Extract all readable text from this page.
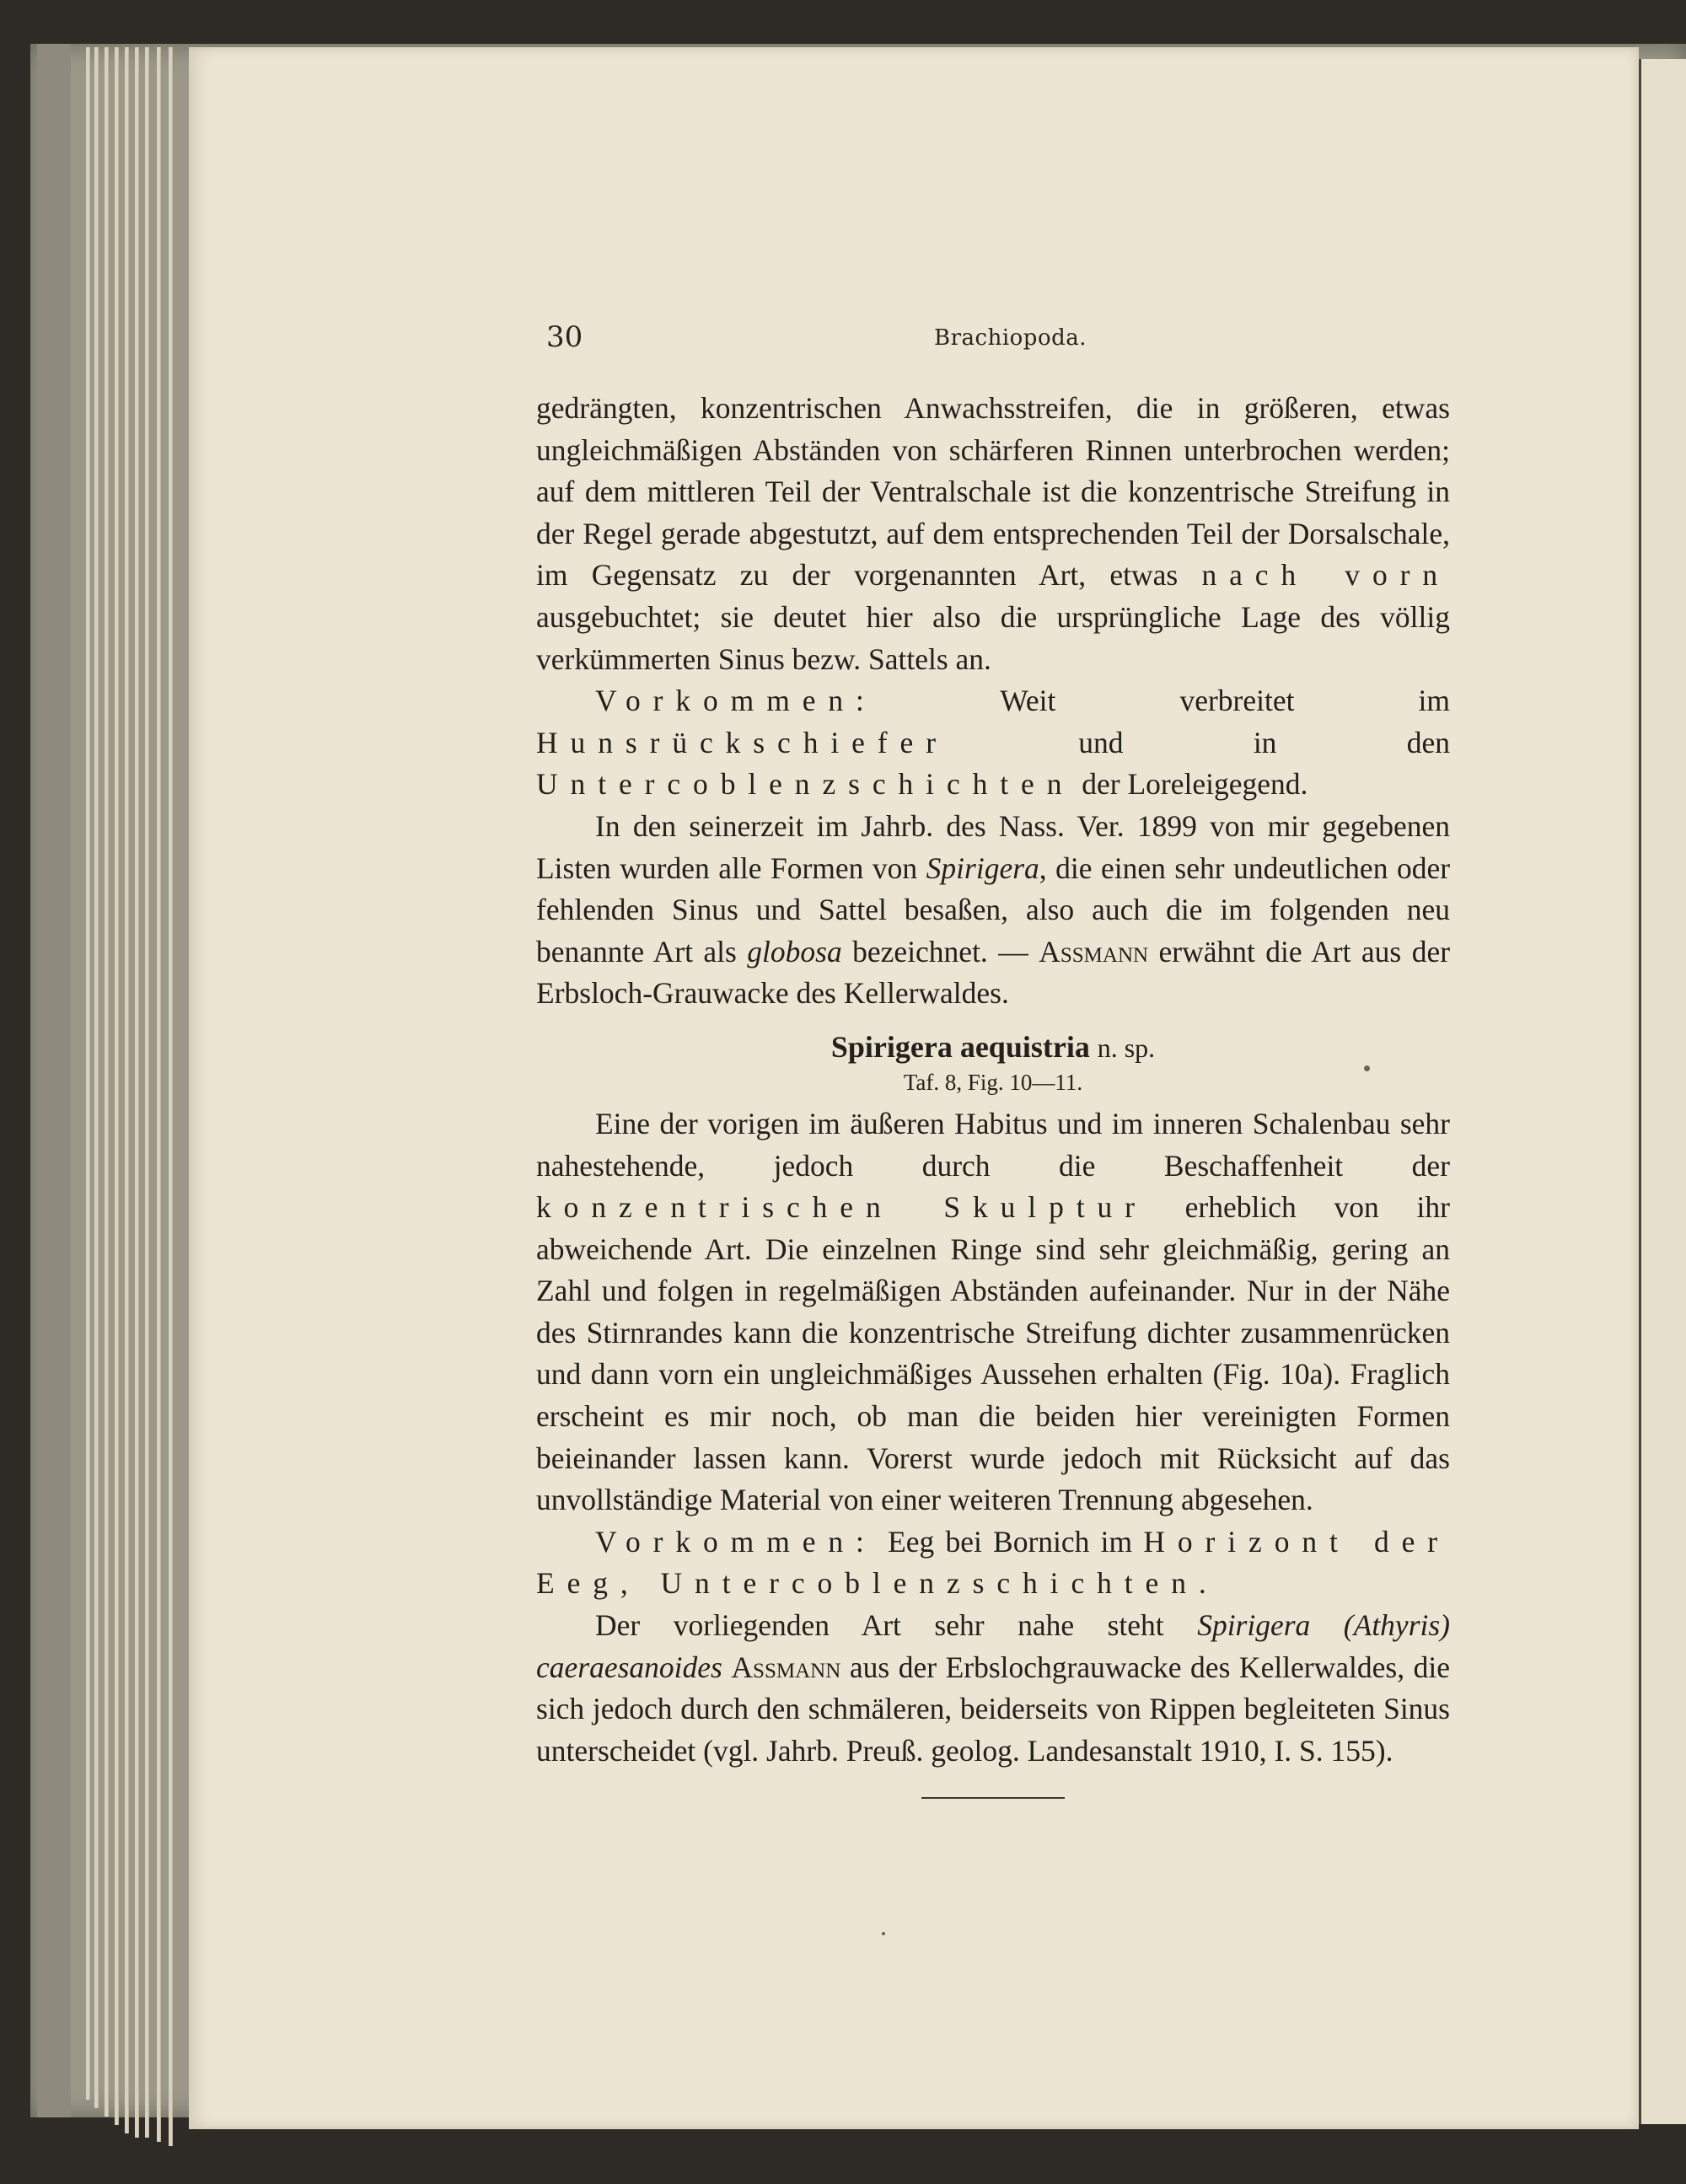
30	Brachiopoda.

gedrängten, konzentrischen Anwachsstreifen, die in größeren, etwas ungleichmäßigen Abständen von schärferen Rinnen unterbrochen werden; auf dem mittleren Teil der Ventralschale ist die konzentrische Streifung in der Regel gerade abgestutzt, auf dem entsprechenden Teil der Dorsalschale, im Gegensatz zu der vorgenannten Art, etwas nach vorn ausgebuchtet; sie deutet hier also die ursprüngliche Lage des völlig verkümmerten Sinus bezw. Sattels an.

Vorkommen:	Weit verbreitet im Hunsrückschiefer	und in den Untercoblenzschichten der Loreleigegend.

In den seinerzeit im Jahrb. des Nass. Ver. 1899 von mir gegebenen Listen wurden alle Formen von Spirigera, die einen sehr undeutlichen oder fehlenden Sinus und Sattel besaßen, also auch die im folgenden neu benannte Art als globosa bezeichnet. — Assmann erwähnt die Art aus der Erbsloch-Grauwacke des Kellerwaldes.

Spirigera aequistria n. sp.

Taf. 8, Fig. 10—11.

Eine der vorigen im äußeren Habitus und im inneren Schalenbau sehr nahestehende, jedoch durch die Beschaffenheit der konzentrischen Skulptur erheblich von ihr abweichende Art. Die einzelnen Ringe sind sehr gleichmäßig, gering an Zahl und folgen in regelmäßigen Abständen aufeinander. Nur in der Nähe des Stirnrandes kann die konzentrische Streifung dichter zusammenrücken und dann vorn ein ungleichmäßiges Aussehen erhalten (Fig. 10a). Fraglich erscheint es mir noch, ob man die beiden hier vereinigten Formen beieinander lassen kann. Vorerst wurde jedoch mit Rücksicht auf das unvollständige Material von einer weiteren Trennung abgesehen.

Vorkommen: Eeg bei Bornich im Horizont der Eeg, Untercoblenzschichten.

Der vorliegenden Art sehr nahe steht Spirigera (Athyris) caeraesanoides Assmann aus der Erbslochgrauwacke des Kellerwaldes, die sich jedoch durch den schmäleren, beiderseits von Rippen begleiteten Sinus unterscheidet (vgl. Jahrb. Preuß. geolog. Landesanstalt 1910, I. S. 155).
